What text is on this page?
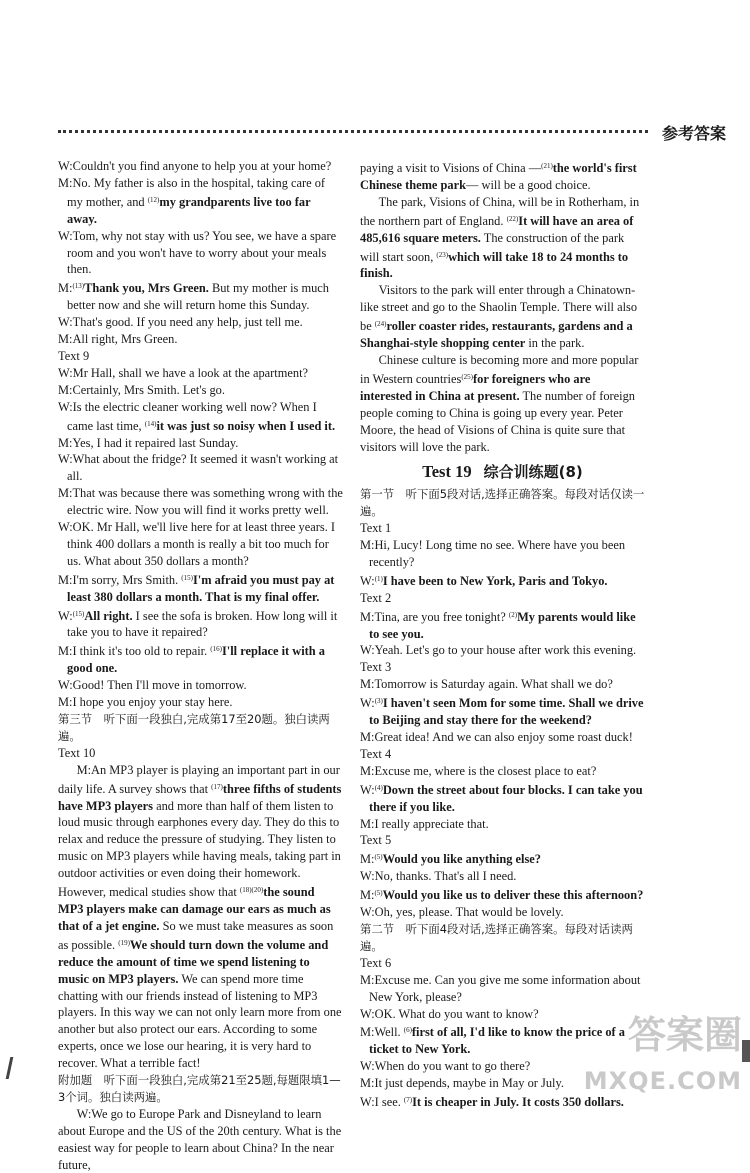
参考答案

W:Couldn't you find anyone to help you at your home?

M:No. My father is also in the hospital, taking care of my mother, and $^{(12)}$my grandparents live too far away.

W:Tom, why not stay with us? You see, we have a spare room and you won't have to worry about your meals then.

M:$^{(13)}$Thank you, Mrs Green. But my mother is much better now and she will return home this Sunday.

W:That's good. If you need any help, just tell me.

M:All right, Mrs Green.

Text 9

W:Mr Hall, shall we have a look at the apartment?

M:Certainly, Mrs Smith. Let's go.

W:Is the electric cleaner working well now? When I came last time, $^{(14)}$it was just so noisy when I used it.

M:Yes, I had it repaired last Sunday.

W:What about the fridge? It seemed it wasn't working at all.

M:That was because there was something wrong with the electric wire. Now you will find it works pretty well.

W:OK. Mr Hall, we'll live here for at least three years. I think 400 dollars a month is really a bit too much for us. What about 350 dollars a month?

M:I'm sorry, Mrs Smith. $^{(15)}$I'm afraid you must pay at least 380 dollars a month. That is my final offer.

W:$^{(15)}$All right. I see the sofa is broken. How long will it take you to have it repaired?

M:I think it's too old to repair. $^{(16)}$I'll replace it with a good one.

W:Good! Then I'll move in tomorrow.

M:I hope you enjoy your stay here.

第三节　听下面一段独白,完成第17至20题。独白读两遍。

Text 10

M:An MP3 player is playing an important part in our daily life. A survey shows that $^{(17)}$three fifths of students have MP3 players and more than half of them listen to loud music through earphones every day. They do this to relax and reduce the pressure of studying. They listen to music on MP3 players while having meals, taking part in outdoor activities or even doing their homework. However, medical studies show that $^{(18)(20)}$the sound MP3 players make can damage our ears as much as that of a jet engine. So we must take measures as soon as possible. $^{(19)}$We should turn down the volume and reduce the amount of time we spend listening to music on MP3 players. We can spend more time chatting with our friends instead of listening to MP3 players. In this way we can not only learn more from one another but also protect our ears. According to some experts, once we lose our hearing, it is very hard to recover. What a terrible fact!

附加题　听下面一段独白,完成第21至25题,每题限填1—3个词。独白读两遍。

W:We go to Europe Park and Disneyland to learn about Europe and the US of the 20th century. What is the easiest way for people to learn about China? In the near future,

paying a visit to Visions of China —$^{(21)}$the world's first Chinese theme park— will be a good choice.

The park, Visions of China, will be in Rotherham, in the northern part of England. $^{(22)}$It will have an area of 485,616 square meters. The construction of the park will start soon, $^{(23)}$which will take 18 to 24 months to finish.

Visitors to the park will enter through a Chinatown-like street and go to the Shaolin Temple. There will also be $^{(24)}$roller coaster rides, restaurants, gardens and a Shanghai-style shopping center in the park.

Chinese culture is becoming more and more popular in Western countries$^{(25)}$for foreigners who are interested in China at present. The number of foreign people coming to China is going up every year. Peter Moore, the head of Visions of China is quite sure that visitors will love the park.

Test 19 综合训练题(8)

第一节　听下面5段对话,选择正确答案。每段对话仅读一遍。

Text 1

M:Hi, Lucy! Long time no see. Where have you been recently?

W:$^{(1)}$I have been to New York, Paris and Tokyo.

Text 2

M:Tina, are you free tonight? $^{(2)}$My parents would like to see you.

W:Yeah. Let's go to your house after work this evening.

Text 3

M:Tomorrow is Saturday again. What shall we do?

W:$^{(3)}$I haven't seen Mom for some time. Shall we drive to Beijing and stay there for the weekend?

M:Great idea! And we can also enjoy some roast duck!

Text 4

M:Excuse me, where is the closest place to eat?

W:$^{(4)}$Down the street about four blocks. I can take you there if you like.

M:I really appreciate that.

Text 5

M:$^{(5)}$Would you like anything else?

W:No, thanks. That's all I need.

M:$^{(5)}$Would you like us to deliver these this afternoon?

W:Oh, yes, please. That would be lovely.

第二节　听下面4段对话,选择正确答案。每段对话读两遍。

Text 6

M:Excuse me. Can you give me some information about New York, please?

W:OK. What do you want to know?

M:Well. $^{(6)}$first of all, I'd like to know the price of a ticket to New York.

W:When do you want to go there?

M:It just depends, maybe in May or July.

W:I see. $^{(7)}$It is cheaper in July. It costs 350 dollars.

答案圈
MXQE.COM
